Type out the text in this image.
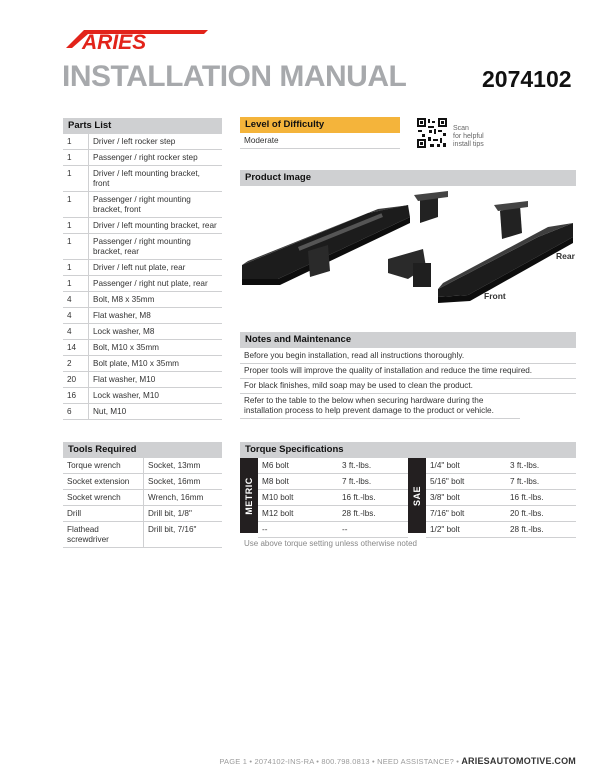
ARIES
INSTALLATION MANUAL	2074102
Parts List
1	Driver / left rocker step
1	Passenger / right rocker step
1	Driver / left mounting bracket, front
1	Passenger / right mounting bracket, front
1	Driver / left mounting bracket, rear
1	Passenger / right mounting bracket, rear
1	Driver / left nut plate, rear
1	Passenger / right nut plate, rear
4	Bolt, M8 x 35mm
4	Flat washer, M8
4	Lock washer, M8
14	Bolt, M10 x 35mm
2	Bolt plate, M10 x 35mm
20	Flat washer, M10
16	Lock washer, M10
6	Nut, M10
Tools Required
Torque wrench	Socket, 13mm
Socket extension	Socket, 16mm
Socket wrench	Wrench, 16mm
Drill	Drill bit, 1/8"
Flathead screwdriver	Drill bit, 7/16"
Level of Difficulty
Moderate
Scan
for helpful
install tips
Product Image
Rear
Front
Notes and Maintenance
Before you begin installation, read all instructions thoroughly.
Proper tools will improve the quality of installation and reduce the time required.
For black finishes, mild soap may be used to clean the product.
Refer to the table to the below when securing hardware during the installation process to help prevent damage to the product or vehicle.
Torque Specifications
METRIC	SAE
M6 bolt	3 ft.-lbs.
M8 bolt	7 ft.-lbs.
M10 bolt	16 ft.-lbs.
M12 bolt	28 ft.-lbs.
--	--
1/4" bolt	3 ft.-lbs.
5/16" bolt	7 ft.-lbs.
3/8" bolt	16 ft.-lbs.
7/16" bolt	20 ft.-lbs.
1/2" bolt	28 ft.-lbs.
Use above torque setting unless otherwise noted
PAGE 1 • 2074102-INS-RA • 800.798.0813 • NEED ASSISTANCE? • ARIESAUTOMOTIVE.COM
